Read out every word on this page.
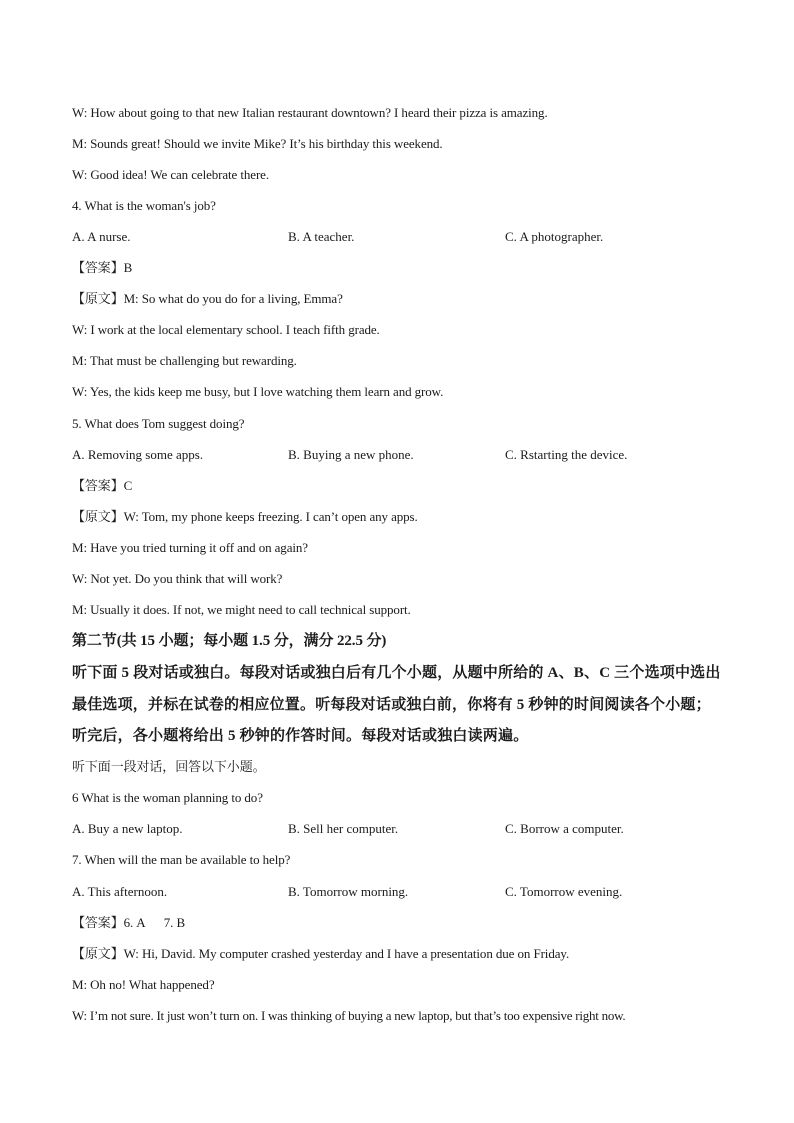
W: How about going to that new Italian restaurant downtown? I heard their pizza is amazing.
M: Sounds great! Should we invite Mike? It’s his birthday this weekend.
W: Good idea! We can celebrate there.
4. What is the woman's job?
A. A nurse.	B. A teacher.	C. A photographer.
【答案】B
【原文】M: So what do you do for a living, Emma?
W: I work at the local elementary school. I teach fifth grade.
M: That must be challenging but rewarding.
W: Yes, the kids keep me busy, but I love watching them learn and grow.
5. What does Tom suggest doing?
A. Removing some apps.	B. Buying a new phone.	C. Rstarting the device.
【答案】C
【原文】W: Tom, my phone keeps freezing. I can’t open any apps.
M: Have you tried turning it off and on again?
W: Not yet. Do you think that will work?
M: Usually it does. If not, we might need to call technical support.
第二节(共 15 小题；每小题 1.5 分，满分 22.5 分)
听下面 5 段对话或独白。每段对话或独白后有几个小题，从题中所给的 A、B、C 三个选项中选出最佳选项，并标在试卷的相应位置。听每段对话或独白前，你将有 5 秒钟的时间阅读各个小题；听完后，各小题将给出 5 秒钟的作答时间。每段对话或独白读两遍。
听下面一段对话，回答以下小题。
6 What is the woman planning to do?
A. Buy a new laptop.	B. Sell her computer.	C. Borrow a computer.
7. When will the man be available to help?
A. This afternoon.	B. Tomorrow morning.	C. Tomorrow evening.
【答案】6. A      7. B
【原文】W: Hi, David. My computer crashed yesterday and I have a presentation due on Friday.
M: Oh no! What happened?
W: I’m not sure. It just won’t turn on. I was thinking of buying a new laptop, but that’s too expensive right now.
